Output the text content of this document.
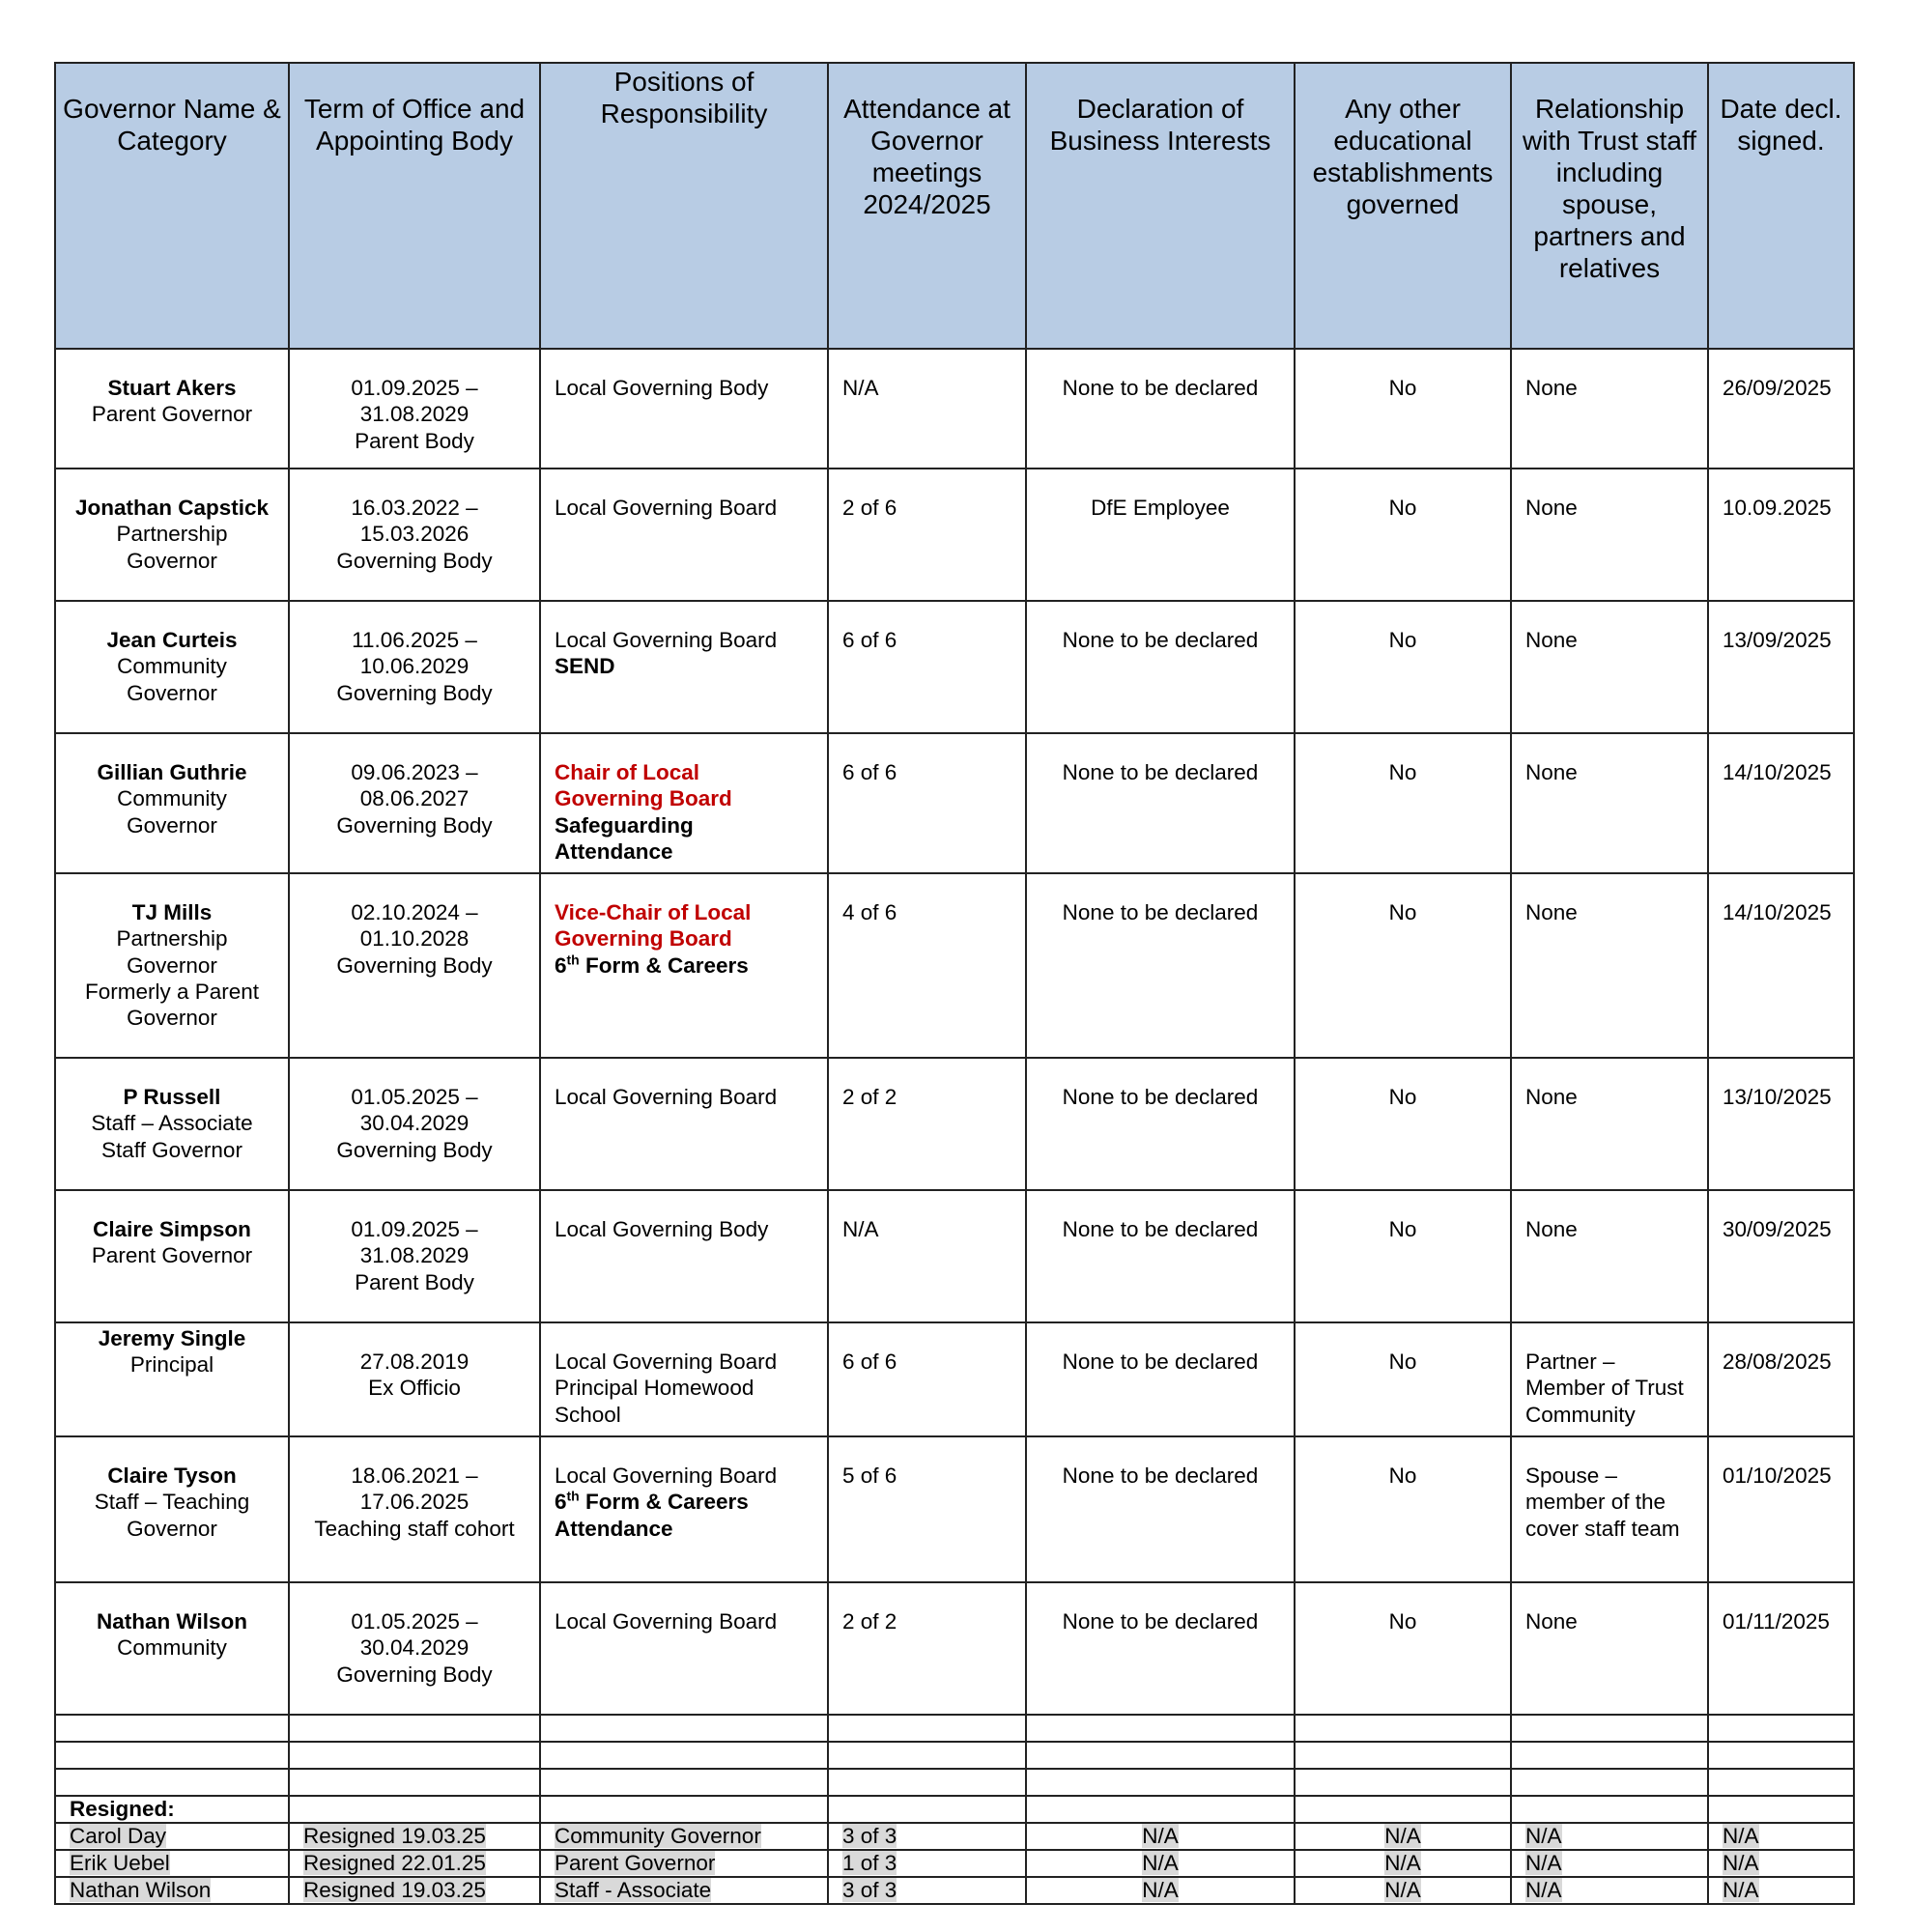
Governor Name & Category	Term of Office and Appointing Body	Positions of Responsibility	Attendance at Governor meetings 2024/2025	Declaration of Business Interests	Any other educational establishments governed	Relationship with Trust staff including spouse, partners and relatives	Date decl. signed.

Stuart Akers
Parent Governor	01.09.2025 –
31.08.2029
Parent Body	Local Governing Body	N/A	None to be declared	No	None	26/09/2025

Jonathan Capstick
Partnership
Governor	16.03.2022 –
15.03.2026
Governing Body	Local Governing Board	2 of 6	DfE Employee	No	None	10.09.2025

Jean Curteis
Community
Governor	11.06.2025 –
10.06.2029
Governing Body	Local Governing Board
SEND	6 of 6	None to be declared	No	None	13/09/2025

Gillian Guthrie
Community
Governor	09.06.2023 –
08.06.2027
Governing Body	Chair of Local
Governing Board
Safeguarding
Attendance	6 of 6	None to be declared	No	None	14/10/2025

TJ Mills
Partnership
Governor
Formerly a Parent
Governor	02.10.2024 –
01.10.2028
Governing Body	Vice-Chair of Local
Governing Board
6th Form & Careers	4 of 6	None to be declared	No	None	14/10/2025

P Russell
Staff – Associate
Staff Governor	01.05.2025 –
30.04.2029
Governing Body	Local Governing Board	2 of 2	None to be declared	No	None	13/10/2025

Claire Simpson
Parent Governor	01.09.2025 –
31.08.2029
Parent Body	Local Governing Body	N/A	None to be declared	No	None	30/09/2025

Jeremy Single
Principal	27.08.2019
Ex Officio	Local Governing Board
Principal Homewood
School	6 of 6	None to be declared	No	Partner –
Member of Trust
Community	28/08/2025

Claire Tyson
Staff – Teaching
Governor	18.06.2021 –
17.06.2025
Teaching staff cohort	Local Governing Board
6th Form & Careers
Attendance	5 of 6	None to be declared	No	Spouse –
member of the
cover staff team	01/10/2025

Nathan Wilson
Community	01.05.2025 –
30.04.2029
Governing Body	Local Governing Board	2 of 2	None to be declared	No	None	01/11/2025

Resigned:							
Carol Day	Resigned 19.03.25	Community Governor	3 of 3	N/A	N/A	N/A	N/A
Erik Uebel	Resigned 22.01.25	Parent Governor	1 of 3	N/A	N/A	N/A	N/A
Nathan Wilson	Resigned 19.03.25	Staff - Associate	3 of 3	N/A	N/A	N/A	N/A
